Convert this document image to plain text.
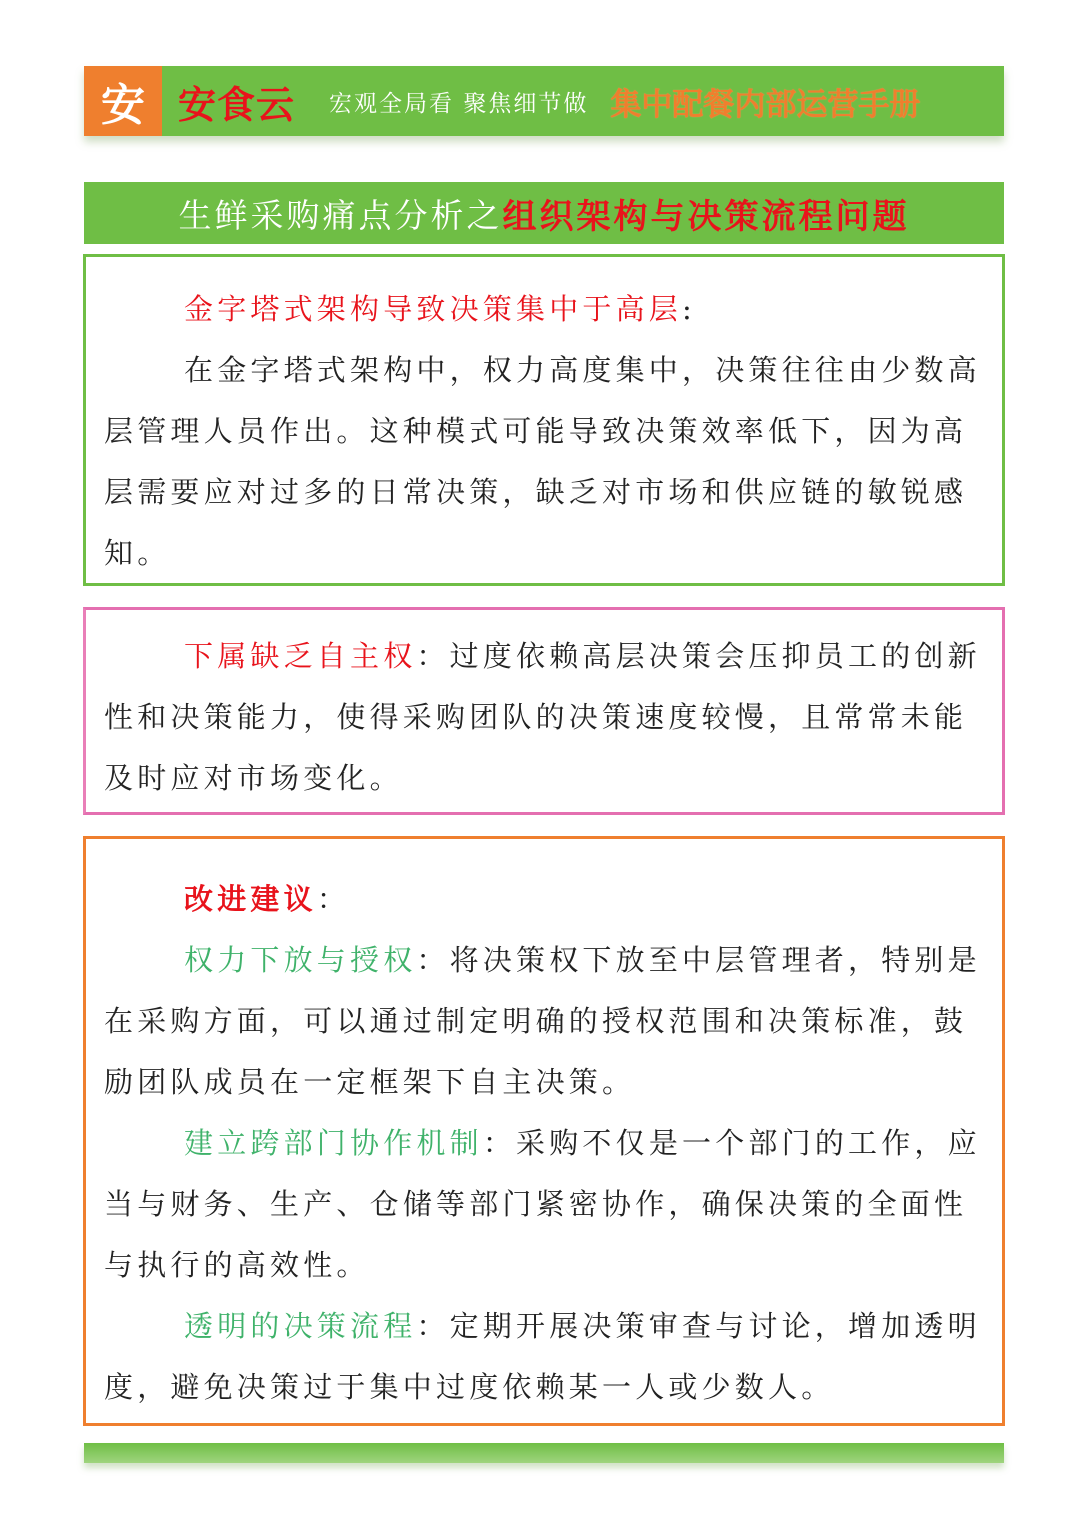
安 安食云 宏观全局看 聚焦细节做 集中配餐内部运营手册
生鲜采购痛点分析之 组织架构与决策流程问题

金字塔式架构导致决策集中于高层:

在金字塔式架构中，权力高度集中，决策往往由少数高层管理人员作出。这种模式可能导致决策效率低下，因为高层需要应对过多的日常决策，缺乏对市场和供应链的敏锐感知。

下属缺乏自主权：过度依赖高层决策会压抑员工的创新性和决策能力，使得采购团队的决策速度较慢，且常常未能及时应对市场变化。

改进建议：

权力下放与授权：将决策权下放至中层管理者，特别是在采购方面，可以通过制定明确的授权范围和决策标准，鼓励团队成员在一定框架下自主决策。

建立跨部门协作机制：采购不仅是一个部门的工作，应当与财务、生产、仓储等部门紧密协作，确保决策的全面性与执行的高效性。

透明的决策流程：定期开展决策审查与讨论，增加透明度，避免决策过于集中过度依赖某一人或少数人。
